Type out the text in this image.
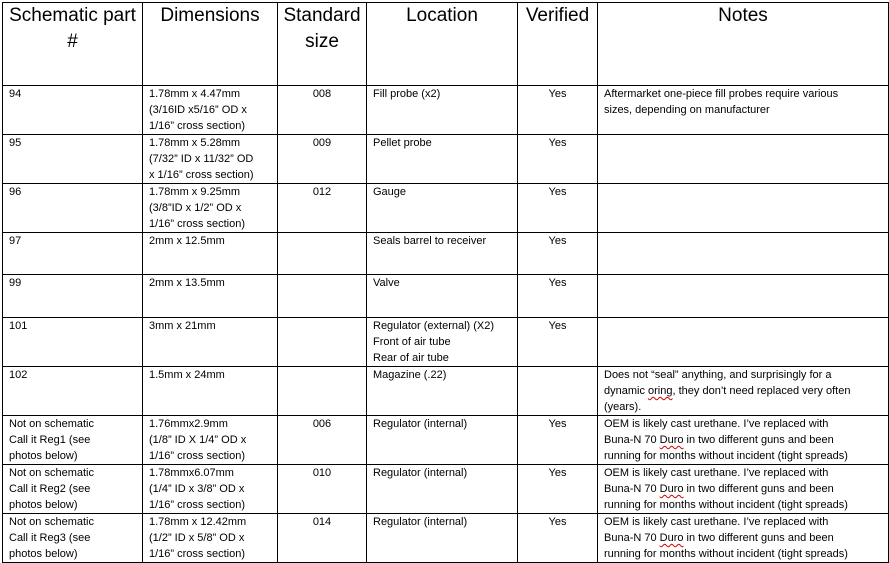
Schematic part #	Dimensions	Standard size	Location	Verified	Notes

94	1.78mm x 4.47mm
(3/16ID x5/16” OD x
1/16” cross section)	008	Fill probe (x2)	Yes	Aftermarket one-piece fill probes require various
sizes, depending on manufacturer

95	1.78mm x 5.28mm
(7/32” ID x 11/32” OD
x 1/16” cross section)	009	Pellet probe	Yes	

96	1.78mm x 9.25mm
(3/8”ID x 1/2” OD x
1/16” cross section)	012	Gauge	Yes	

97	2mm x 12.5mm		Seals barrel to receiver	Yes	

99	2mm x 13.5mm		Valve	Yes	

101	3mm x 21mm		Regulator (external) (X2)
Front of air tube
Rear of air tube	Yes	

102	1.5mm x 24mm		Magazine (.22)		Does not “seal” anything, and surprisingly for a
dynamic oring, they don’t need replaced very often
(years).

Not on schematic
Call it Reg1 (see
photos below)	1.76mmx2.9mm
(1/8” ID X 1/4” OD x
1/16” cross section)	006	Regulator (internal)	Yes	OEM is likely cast urethane. I’ve replaced with
Buna-N 70 Duro in two different guns and been
running for months without incident (tight spreads)

Not on schematic
Call it Reg2 (see
photos below)	1.78mmx6.07mm
(1/4” ID x 3/8” OD x
1/16” cross section)	010	Regulator (internal)	Yes	OEM is likely cast urethane. I’ve replaced with
Buna-N 70 Duro in two different guns and been
running for months without incident (tight spreads)

Not on schematic
Call it Reg3 (see
photos below)	1.78mm x 12.42mm
(1/2” ID x 5/8” OD x
1/16” cross section)	014	Regulator (internal)	Yes	OEM is likely cast urethane. I’ve replaced with
Buna-N 70 Duro in two different guns and been
running for months without incident (tight spreads)
